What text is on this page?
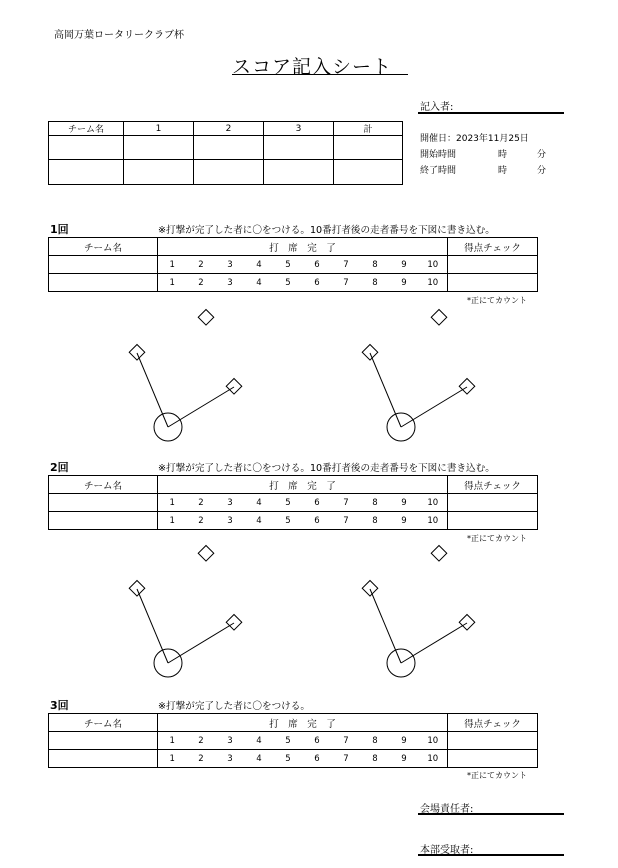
高岡万葉ロータリークラブ杯
スコア記入シート
記入者:
開催日：2023年11月25日
開始時間	時	分
終了時間	時	分
チーム名	1	2	3	計

1回	※打撃が完了した者に〇をつける。10番打者後の走者番号を下図に書き込む。
チーム名	打　席　完　了										得点チェック
	1	2	3	4	5	6	7	8	9	10	
	1	2	3	4	5	6	7	8	9	10	
*正にてカウント
2回	※打撃が完了した者に〇をつける。10番打者後の走者番号を下図に書き込む。
チーム名	打　席　完　了										得点チェック
	1	2	3	4	5	6	7	8	9	10	
	1	2	3	4	5	6	7	8	9	10	
*正にてカウント
3回	※打撃が完了した者に〇をつける。
チーム名	打　席　完　了										得点チェック
	1	2	3	4	5	6	7	8	9	10	
	1	2	3	4	5	6	7	8	9	10	
*正にてカウント
会場責任者:
本部受取者:
